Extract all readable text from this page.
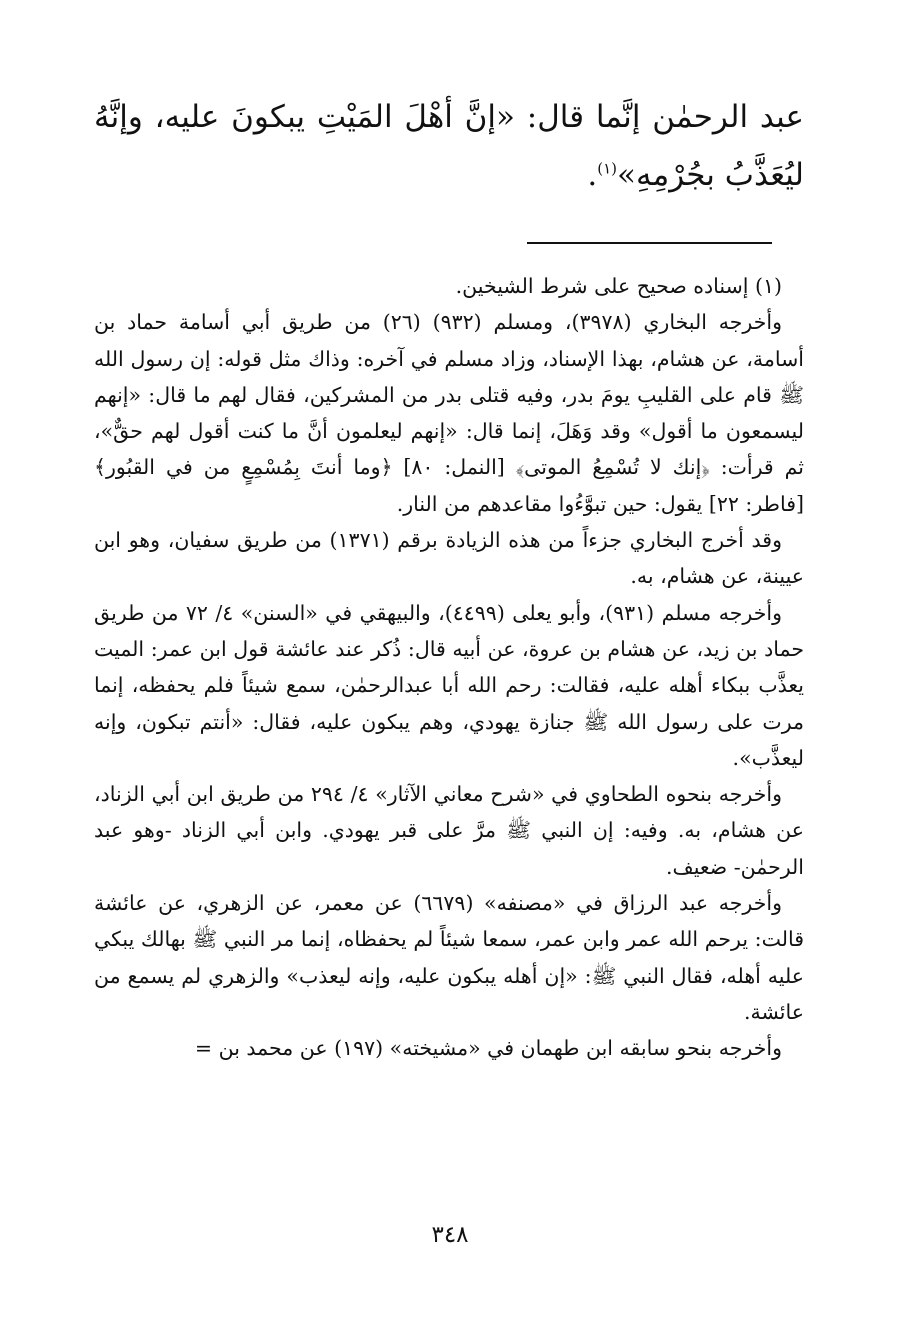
عبد الرحمٰن إنَّما قال: «إنَّ أهْلَ المَيْتِ يبكونَ عليه، وإنَّهُ ليُعَذَّبُ بجُرْمِهِ»$^{(١)}$.

(١) إسناده صحيح على شرط الشيخين.

وأخرجه البخاري (٣٩٧٨)، ومسلم (٩٣٢) (٢٦) من طريق أبي أسامة حماد بن أسامة، عن هشام، بهذا الإسناد، وزاد مسلم في آخره: وذاك مثل قوله: إن رسول الله ﷺ قام على القليبِ يومَ بدر، وفيه قتلى بدر من المشركين، فقال لهم ما قال: «إنهم ليسمعون ما أقول» وقد وَهَلَ، إنما قال: «إنهم ليعلمون أنَّ ما كنت أقول لهم حقٌّ»، ثم قرأت: ﴿إنك لا تُسْمِعُ الموتى﴾ [النمل: ٨٠] ﴿وما أنتَ بِمُسْمِعٍ من في القبُور﴾ [فاطر: ٢٢] يقول: حين تبوَّءُوا مقاعدهم من النار.

وقد أخرج البخاري جزءاً من هذه الزيادة برقم (١٣٧١) من طريق سفيان، وهو ابن عيينة، عن هشام، به.

وأخرجه مسلم (٩٣١)، وأبو يعلى (٤٤٩٩)، والبيهقي في «السنن» ٤/ ٧٢ من طريق حماد بن زيد، عن هشام بن عروة، عن أبيه قال: ذُكر عند عائشة قول ابن عمر: الميت يعذَّب ببكاء أهله عليه، فقالت: رحم الله أبا عبدالرحمٰن، سمع شيئاً فلم يحفظه، إنما مرت على رسول الله ﷺ جنازة يهودي، وهم يبكون عليه، فقال: «أنتم تبكون، وإنه ليعذَّب».

وأخرجه بنحوه الطحاوي في «شرح معاني الآثار» ٤/ ٢٩٤ من طريق ابن أبي الزناد، عن هشام، به. وفيه: إن النبي ﷺ مرَّ على قبر يهودي. وابن أبي الزناد -وهو عبد الرحمٰن- ضعيف.

وأخرجه عبد الرزاق في «مصنفه» (٦٦٧٩) عن معمر، عن الزهري، عن عائشة قالت: يرحم الله عمر وابن عمر، سمعا شيئاً لم يحفظاه، إنما مر النبي ﷺ بهالك يبكي عليه أهله، فقال النبي ﷺ: «إن أهله يبكون عليه، وإنه ليعذب» والزهري لم يسمع من عائشة.

وأخرجه بنحو سابقه ابن طهمان في «مشيخته» (١٩٧) عن محمد بن =

٣٤٨
